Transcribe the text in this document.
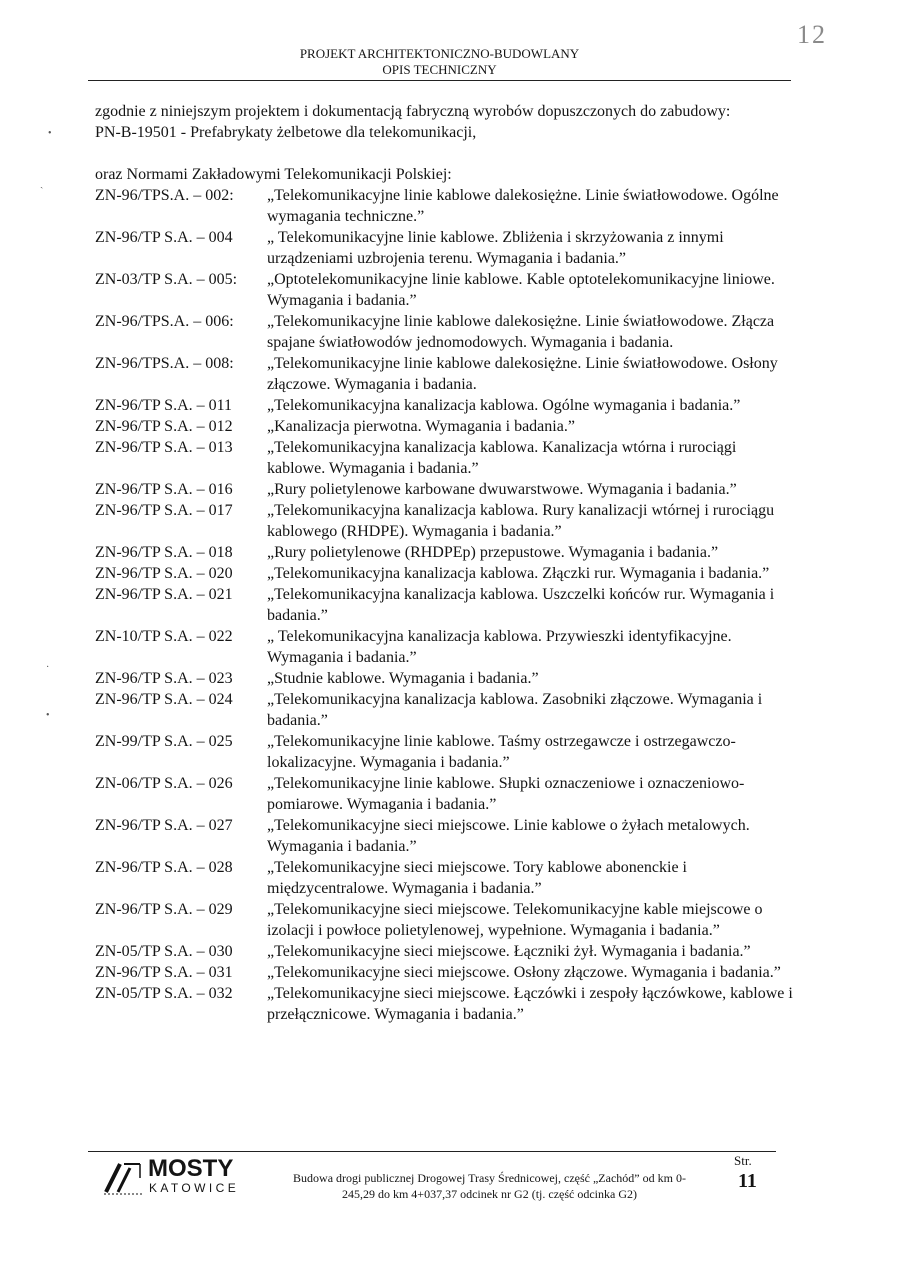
12
PROJEKT ARCHITEKTONICZNO-BUDOWLANY
OPIS TECHNICZNY
•
ˎ
·
•

zgodnie z niniejszym projektem i dokumentacją fabryczną wyrobów dopuszczonych do zabudowy:

PN-B-19501 - Prefabrykaty żelbetowe dla telekomunikacji,

oraz Normami Zakładowymi Telekomunikacji Polskiej:

ZN-96/TPS.A. – 002:	„Telekomunikacyjne linie kablowe dalekosiężne. Linie światłowodowe. Ogólne wymagania techniczne.”
ZN-96/TP S.A. – 004	„ Telekomunikacyjne linie kablowe. Zbliżenia i skrzyżowania z innymi urządzeniami uzbrojenia terenu. Wymagania i badania.”
ZN-03/TP S.A. – 005:	„Optotelekomunikacyjne linie kablowe. Kable optotelekomunikacyjne liniowe. Wymagania i badania.”
ZN-96/TPS.A. – 006:	„Telekomunikacyjne linie kablowe dalekosiężne. Linie światłowodowe. Złącza spajane światłowodów jednomodowych. Wymagania i badania.
ZN-96/TPS.A. – 008:	„Telekomunikacyjne linie kablowe dalekosiężne. Linie światłowodowe. Osłony złączowe. Wymagania i badania.
ZN-96/TP S.A. – 011	„Telekomunikacyjna kanalizacja kablowa. Ogólne wymagania i badania.”
ZN-96/TP S.A. – 012	„Kanalizacja pierwotna. Wymagania i badania.”
ZN-96/TP S.A. – 013	„Telekomunikacyjna kanalizacja kablowa. Kanalizacja wtórna i rurociągi kablowe. Wymagania i badania.”
ZN-96/TP S.A. – 016	„Rury polietylenowe karbowane dwuwarstwowe. Wymagania i badania.”
ZN-96/TP S.A. – 017	„Telekomunikacyjna kanalizacja kablowa. Rury kanalizacji wtórnej i rurociągu kablowego (RHDPE). Wymagania i badania.”
ZN-96/TP S.A. – 018	„Rury polietylenowe (RHDPEp) przepustowe. Wymagania i badania.”
ZN-96/TP S.A. – 020	„Telekomunikacyjna kanalizacja kablowa. Złączki rur. Wymagania i badania.”
ZN-96/TP S.A. – 021	„Telekomunikacyjna kanalizacja kablowa. Uszczelki końców rur. Wymagania i badania.”
ZN-10/TP S.A. – 022	„ Telekomunikacyjna kanalizacja kablowa. Przywieszki identyfikacyjne. Wymagania i badania.”
ZN-96/TP S.A. – 023	„Studnie kablowe. Wymagania i badania.”
ZN-96/TP S.A. – 024	„Telekomunikacyjna kanalizacja kablowa. Zasobniki złączowe. Wymagania i badania.”
ZN-99/TP S.A. – 025	„Telekomunikacyjne linie kablowe. Taśmy ostrzegawcze i ostrzegawczo-lokalizacyjne. Wymagania i badania.”
ZN-06/TP S.A. – 026	„Telekomunikacyjne linie kablowe. Słupki oznaczeniowe i oznaczeniowo-pomiarowe. Wymagania i badania.”
ZN-96/TP S.A. – 027	„Telekomunikacyjne sieci miejscowe. Linie kablowe o żyłach metalowych. Wymagania i badania.”
ZN-96/TP S.A. – 028	„Telekomunikacyjne sieci miejscowe. Tory kablowe abonenckie i międzycentralowe. Wymagania i badania.”
ZN-96/TP S.A. – 029	„Telekomunikacyjne sieci miejscowe. Telekomunikacyjne kable miejscowe o izolacji i powłoce polietylenowej, wypełnione. Wymagania i badania.”
ZN-05/TP S.A. – 030	„Telekomunikacyjne sieci miejscowe. Łączniki żył. Wymagania i badania.”
ZN-96/TP S.A. – 031	„Telekomunikacyjne sieci miejscowe. Osłony złączowe. Wymagania i badania.”
ZN-05/TP S.A. – 032	„Telekomunikacyjne sieci miejscowe. Łączówki i zespoły łączówkowe, kablowe i przełącznicowe. Wymagania i badania.”
MOSTY
KATOWICE
Budowa drogi publicznej Drogowej Trasy Średnicowej, część „Zachód” od km 0-
245,29 do km 4+037,37 odcinek nr G2 (tj. część odcinka G2)
Str.
11
